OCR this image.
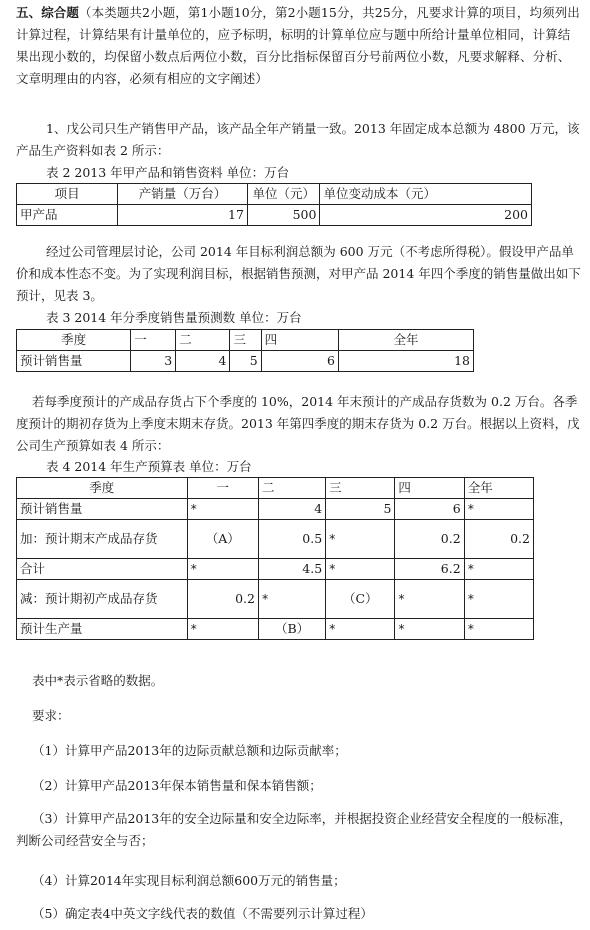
五、综合题（本类题共2小题，第1小题10分，第2小题15分，共25分，凡要求计算的项目，均须列出计算过程，计算结果有计量单位的，应予标明，标明的计算单位应与题中所给计量单位相同，计算结果出现小数的，均保留小数点后两位小数，百分比指标保留百分号前两位小数，凡要求解释、分析、文章明理由的内容，必须有相应的文字阐述）

1、戊公司只生产销售甲产品，该产品全年产销量一致。2013 年固定成本总额为 4800 万元，该产品生产资料如表 2 所示：

表 2 2013 年甲产品和销售资料 单位：万台

项目	产销量（万台）	单位（元）	单位变动成本（元）
甲产品	17	500	200

经过公司管理层讨论，公司 2014 年目标利润总额为 600 万元（不考虑所得税）。假设甲产品单价和成本性态不变。为了实现利润目标，根据销售预测，对甲产品 2014 年四个季度的销售量做出如下预计，见表 3。

表 3 2014 年分季度销售量预测数 单位：万台

季度	一	二	三	四	全年
预计销售量	3	4	5	6	18

若每季度预计的产成品存货占下个季度的 10%，2014 年末预计的产成品存货数为 0.2 万台。各季度预计的期初存货为上季度末期末存货。2013 年第四季度的期末存货为 0.2 万台。根据以上资料，戊公司生产预算如表 4 所示：

表 4 2014 年生产预算表 单位：万台

季度	一	二	三	四	全年
预计销售量	*	4	5	6	*
加：预计期末产成品存货	（A）	0.5	*	0.2	0.2
合计	*	4.5	*	6.2	*
减：预计期初产成品存货	0.2	*	（C）	*	*
预计生产量	*	（B）	*	*	*

表中*表示省略的数据。

要求：

（1）计算甲产品2013年的边际贡献总额和边际贡献率；

（2）计算甲产品2013年保本销售量和保本销售额；

（3）计算甲产品2013年的安全边际量和安全边际率，并根据投资企业经营安全程度的一般标准，判断公司经营安全与否；

（4）计算2014年实现目标利润总额600万元的销售量；

（5）确定表4中英文字线代表的数值（不需要列示计算过程）
